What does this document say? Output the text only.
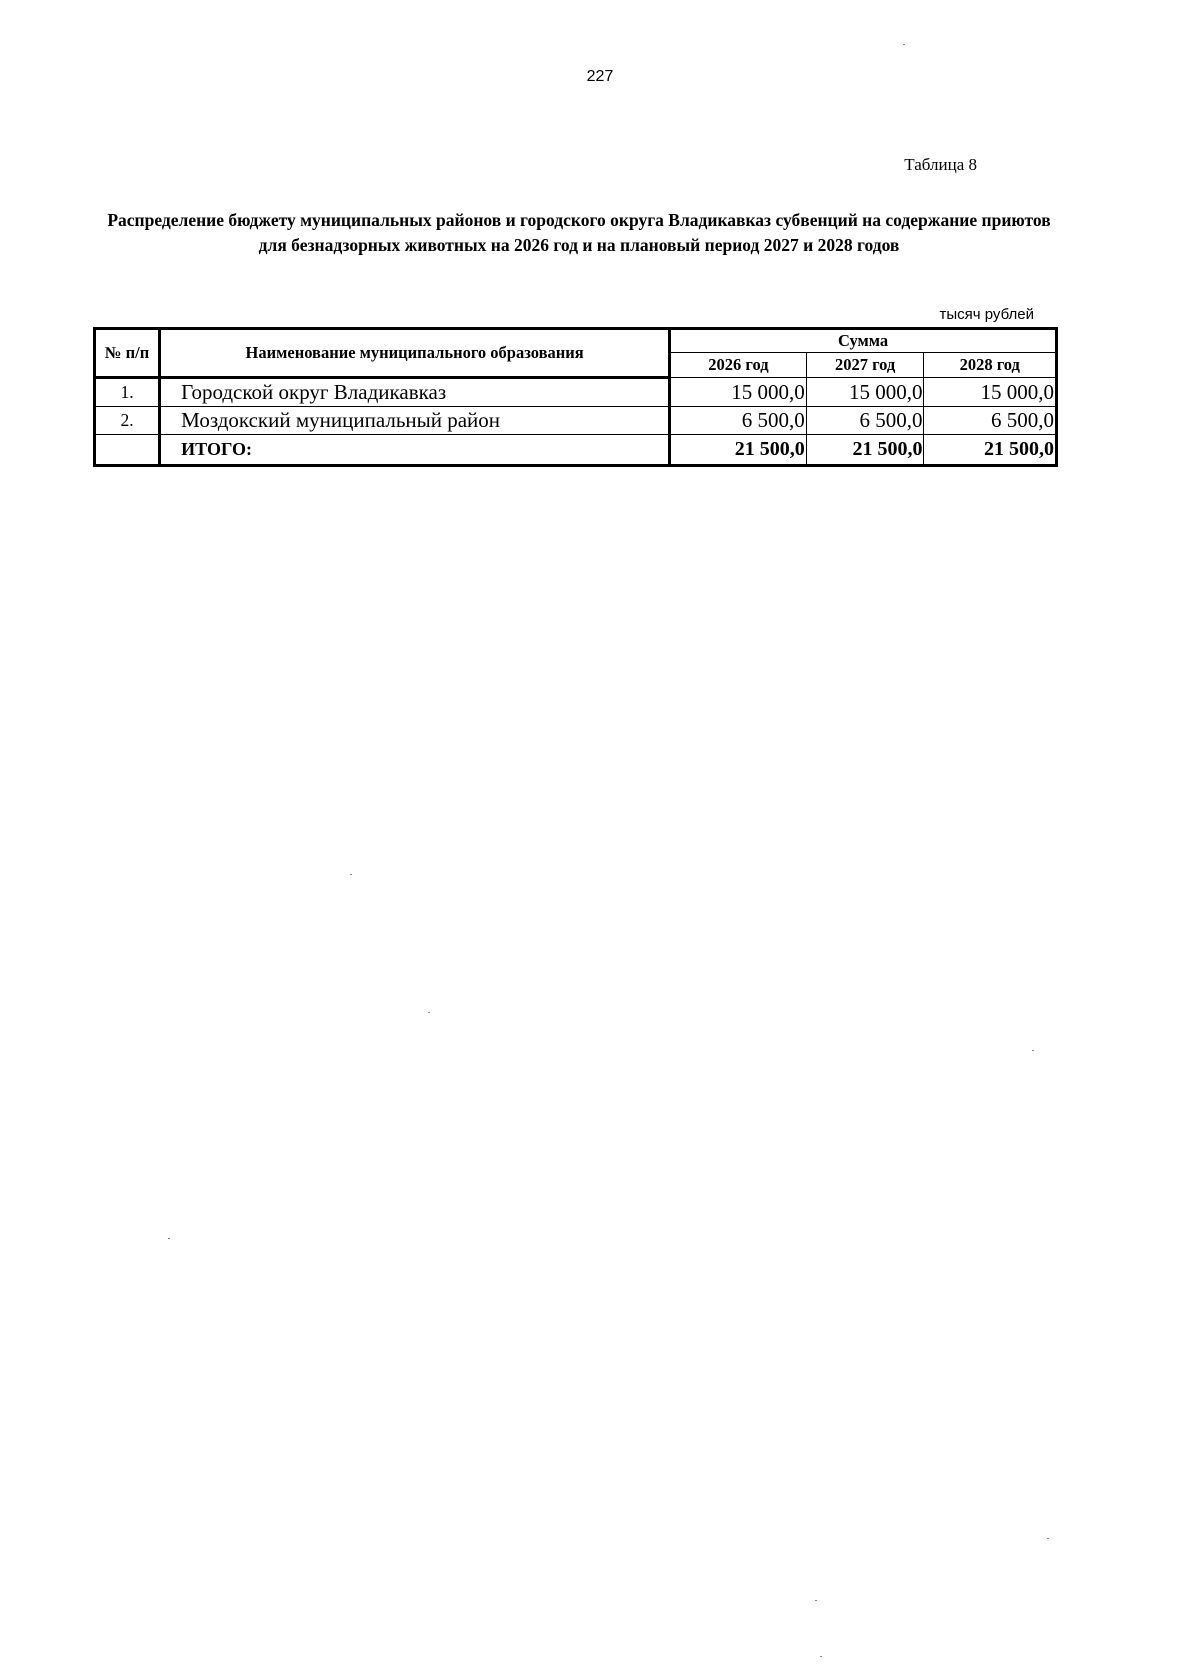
227
Таблица 8
Распределение бюджету муниципальных районов и городского округа Владикавказ субвенций на содержание приютов для безнадзорных животных на 2026 год и на плановый период 2027 и 2028 годов
тысяч рублей
№ п/п	Наименование муниципального образования	Сумма		
		2026 год	2027 год	2028 год
1.	Городской округ Владикавказ	15 000,0	15 000,0	15 000,0
2.	Моздокский муниципальный район	6 500,0	6 500,0	6 500,0
	ИТОГО:	21 500,0	21 500,0	21 500,0
